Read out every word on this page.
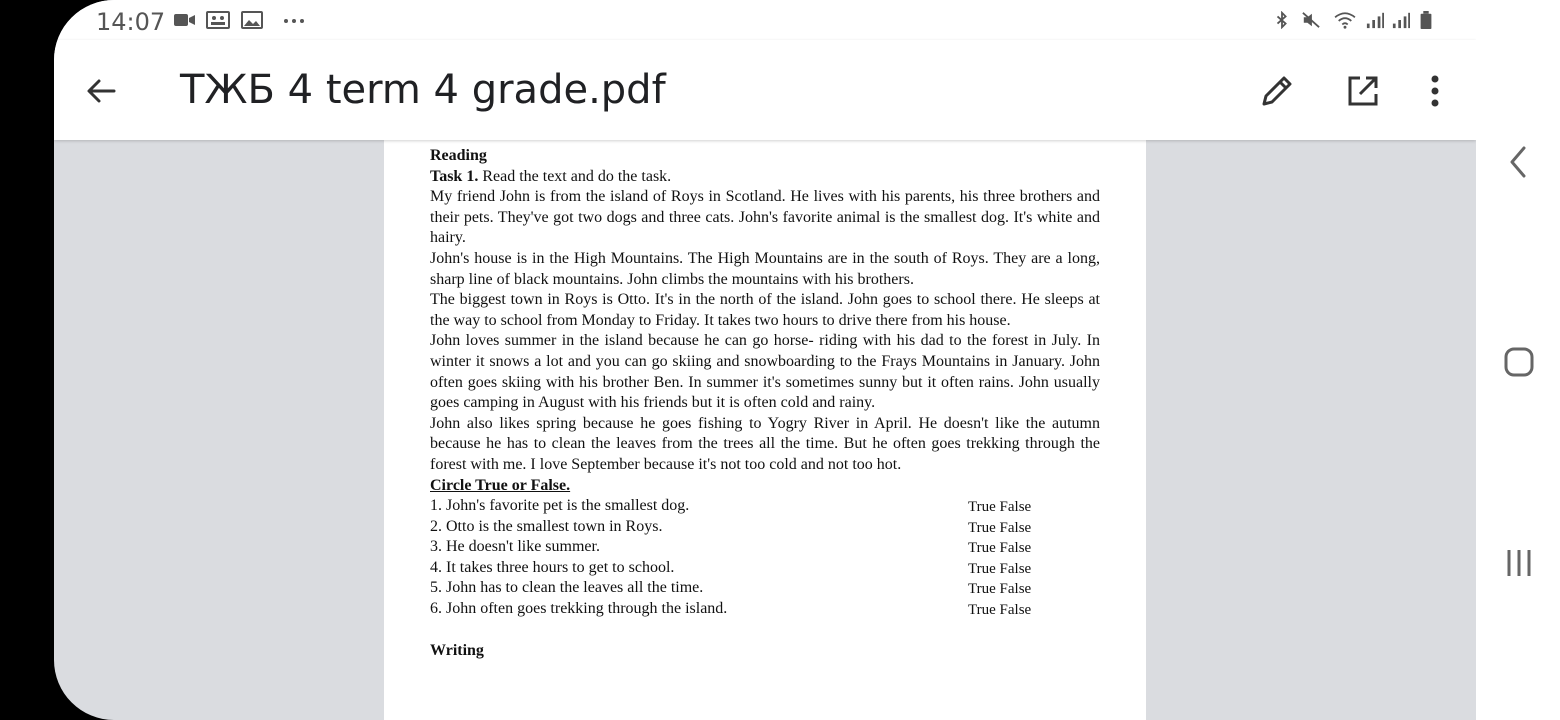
14:07
ТЖБ 4 term 4 grade.pdf

Reading

Task 1. Read the text and do the task.

My friend John is from the island of Roys in Scotland. He lives with his parents, his three brothers and their pets. They've got two dogs and three cats. John's favorite animal is the smallest dog. It's white and hairy.

John's house is in the High Mountains. The High Mountains are in the south of Roys. They are a long, sharp line of black mountains. John climbs the mountains with his brothers.

The biggest town in Roys is Otto. It's in the north of the island. John goes to school there. He sleeps at the way to school from Monday to Friday. It takes two hours to drive there from his house.

John loves summer in the island because he can go horse- riding with his dad to the forest in July. In winter it snows a lot and you can go skiing and snowboarding to the Frays Mountains in January. John often goes skiing with his brother Ben. In summer it's sometimes sunny but it often rains. John usually goes camping in August with his friends but it is often cold and rainy.

John also likes spring because he goes fishing to Yogry River in April. He doesn't like the autumn because he has to clean the leaves from the trees all the time. But he often goes trekking through the forest with me. I love September because it's not too cold and not too hot.

Circle True or False.

1. John's favorite pet is the smallest dog.	True False
2. Otto is the smallest town in Roys.	True False
3. He doesn't like summer.	True False
4. It takes three hours to get to school.	True False
5. John has to clean the leaves all the time.	True False
6. John often goes trekking through the island.	True False

Writing
